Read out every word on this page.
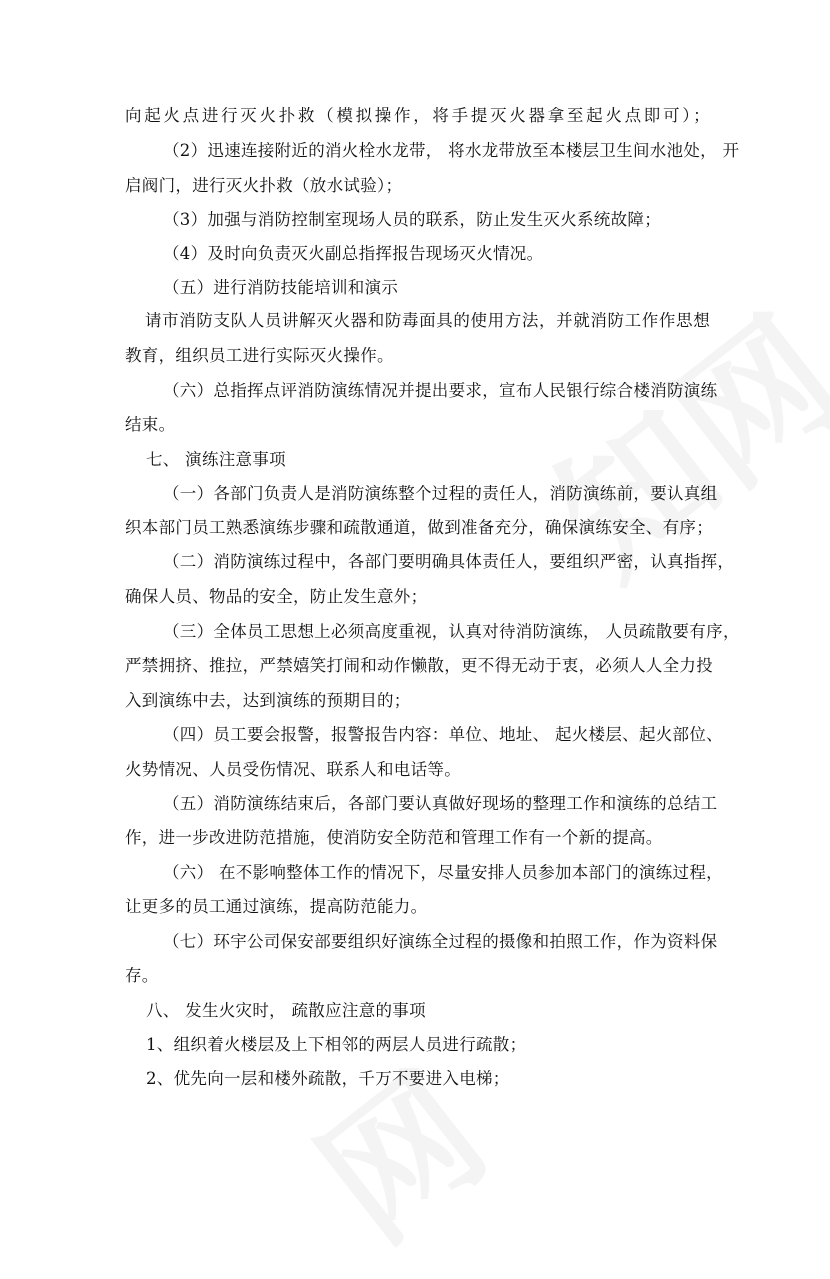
向起火点进行灭火扑救（模拟操作，将手提灭火器拿至起火点即可）；
（2）迅速连接附近的消火栓水龙带， 将水龙带放至本楼层卫生间水池处， 开
启阀门，进行灭火扑救（放水试验）；
（3）加强与消防控制室现场人员的联系，防止发生灭火系统故障；
（4）及时向负责灭火副总指挥报告现场灭火情况。
（五）进行消防技能培训和演示
请市消防支队人员讲解灭火器和防毒面具的使用方法，并就消防工作作思想
教育，组织员工进行实际灭火操作。
（六）总指挥点评消防演练情况并提出要求，宣布人民银行综合楼消防演练
结束。
七、 演练注意事项
（一）各部门负责人是消防演练整个过程的责任人，消防演练前，要认真组
织本部门员工熟悉演练步骤和疏散通道，做到准备充分，确保演练安全、有序；
（二）消防演练过程中，各部门要明确具体责任人，要组织严密，认真指挥，
确保人员、物品的安全，防止发生意外；
（三）全体员工思想上必须高度重视，认真对待消防演练， 人员疏散要有序，
严禁拥挤、推拉，严禁嬉笑打闹和动作懒散，更不得无动于衷，必须人人全力投
入到演练中去，达到演练的预期目的；
（四）员工要会报警，报警报告内容：单位、地址、 起火楼层、起火部位、
火势情况、人员受伤情况、联系人和电话等。
（五）消防演练结束后，各部门要认真做好现场的整理工作和演练的总结工
作，进一步改进防范措施，使消防安全防范和管理工作有一个新的提高。
（六） 在不影响整体工作的情况下，尽量安排人员参加本部门的演练过程，
让更多的员工通过演练，提高防范能力。
（七）环宇公司保安部要组织好演练全过程的摄像和拍照工作，作为资料保
存。
八、 发生火灾时， 疏散应注意的事项
1、组织着火楼层及上下相邻的两层人员进行疏散；
2、优先向一层和楼外疏散，千万不要进入电梯；
